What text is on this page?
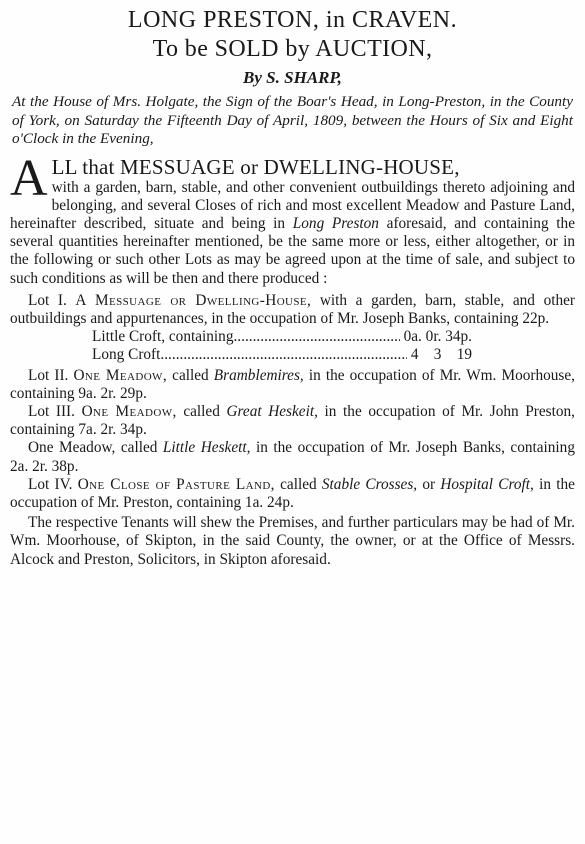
LONG PRESTON, in CRAVEN.
To be SOLD by AUCTION,
By S. SHARP,
At the House of Mrs. Holgate, the Sign of the Boar's Head, in Long-Preston, in the County of York, on Saturday the Fifteenth Day of April, 1809, between the Hours of Six and Eight o'Clock in the Evening,
A LL that MESSUAGE or DWELLING-HOUSE,
with a garden, barn, stable, and other convenient outbuildings thereto adjoining and belonging, and several Closes of rich and most excellent Meadow and Pasture Land, hereinafter described, situate and being in Long Preston aforesaid, and containing the several quantities hereinafter mentioned, be the same more or less, either altogether, or in the following or such other Lots as may be agreed upon at the time of sale, and subject to such conditions as will be then and there produced :
Lot I. A Messuage or Dwelling-House, with a garden, barn, stable, and other outbuildings and appurtenances, in the occupation of Mr. Joseph Banks, containing 22p.
Little Croft, containing .....	0a. 0r. 34p.
Long Croft .....	4    3    19
Lot II. One Meadow, called Bramblemires, in the occupation of Mr. Wm. Moorhouse, containing 9a. 2r. 29p.
Lot III. One Meadow, called Great Heskeit, in the occupation of Mr. John Preston, containing 7a. 2r. 34p.
One Meadow, called Little Heskett, in the occupation of Mr. Joseph Banks, containing 2a. 2r. 38p.
Lot IV. One Close of Pasture Land, called Stable Crosses, or Hospital Croft, in the occupation of Mr. Preston, containing 1a. 24p.
The respective Tenants will shew the Premises, and further particulars may be had of Mr. Wm. Moorhouse, of Skipton, in the said County, the owner, or at the Office of Messrs. Alcock and Preston, Solicitors, in Skipton aforesaid.
